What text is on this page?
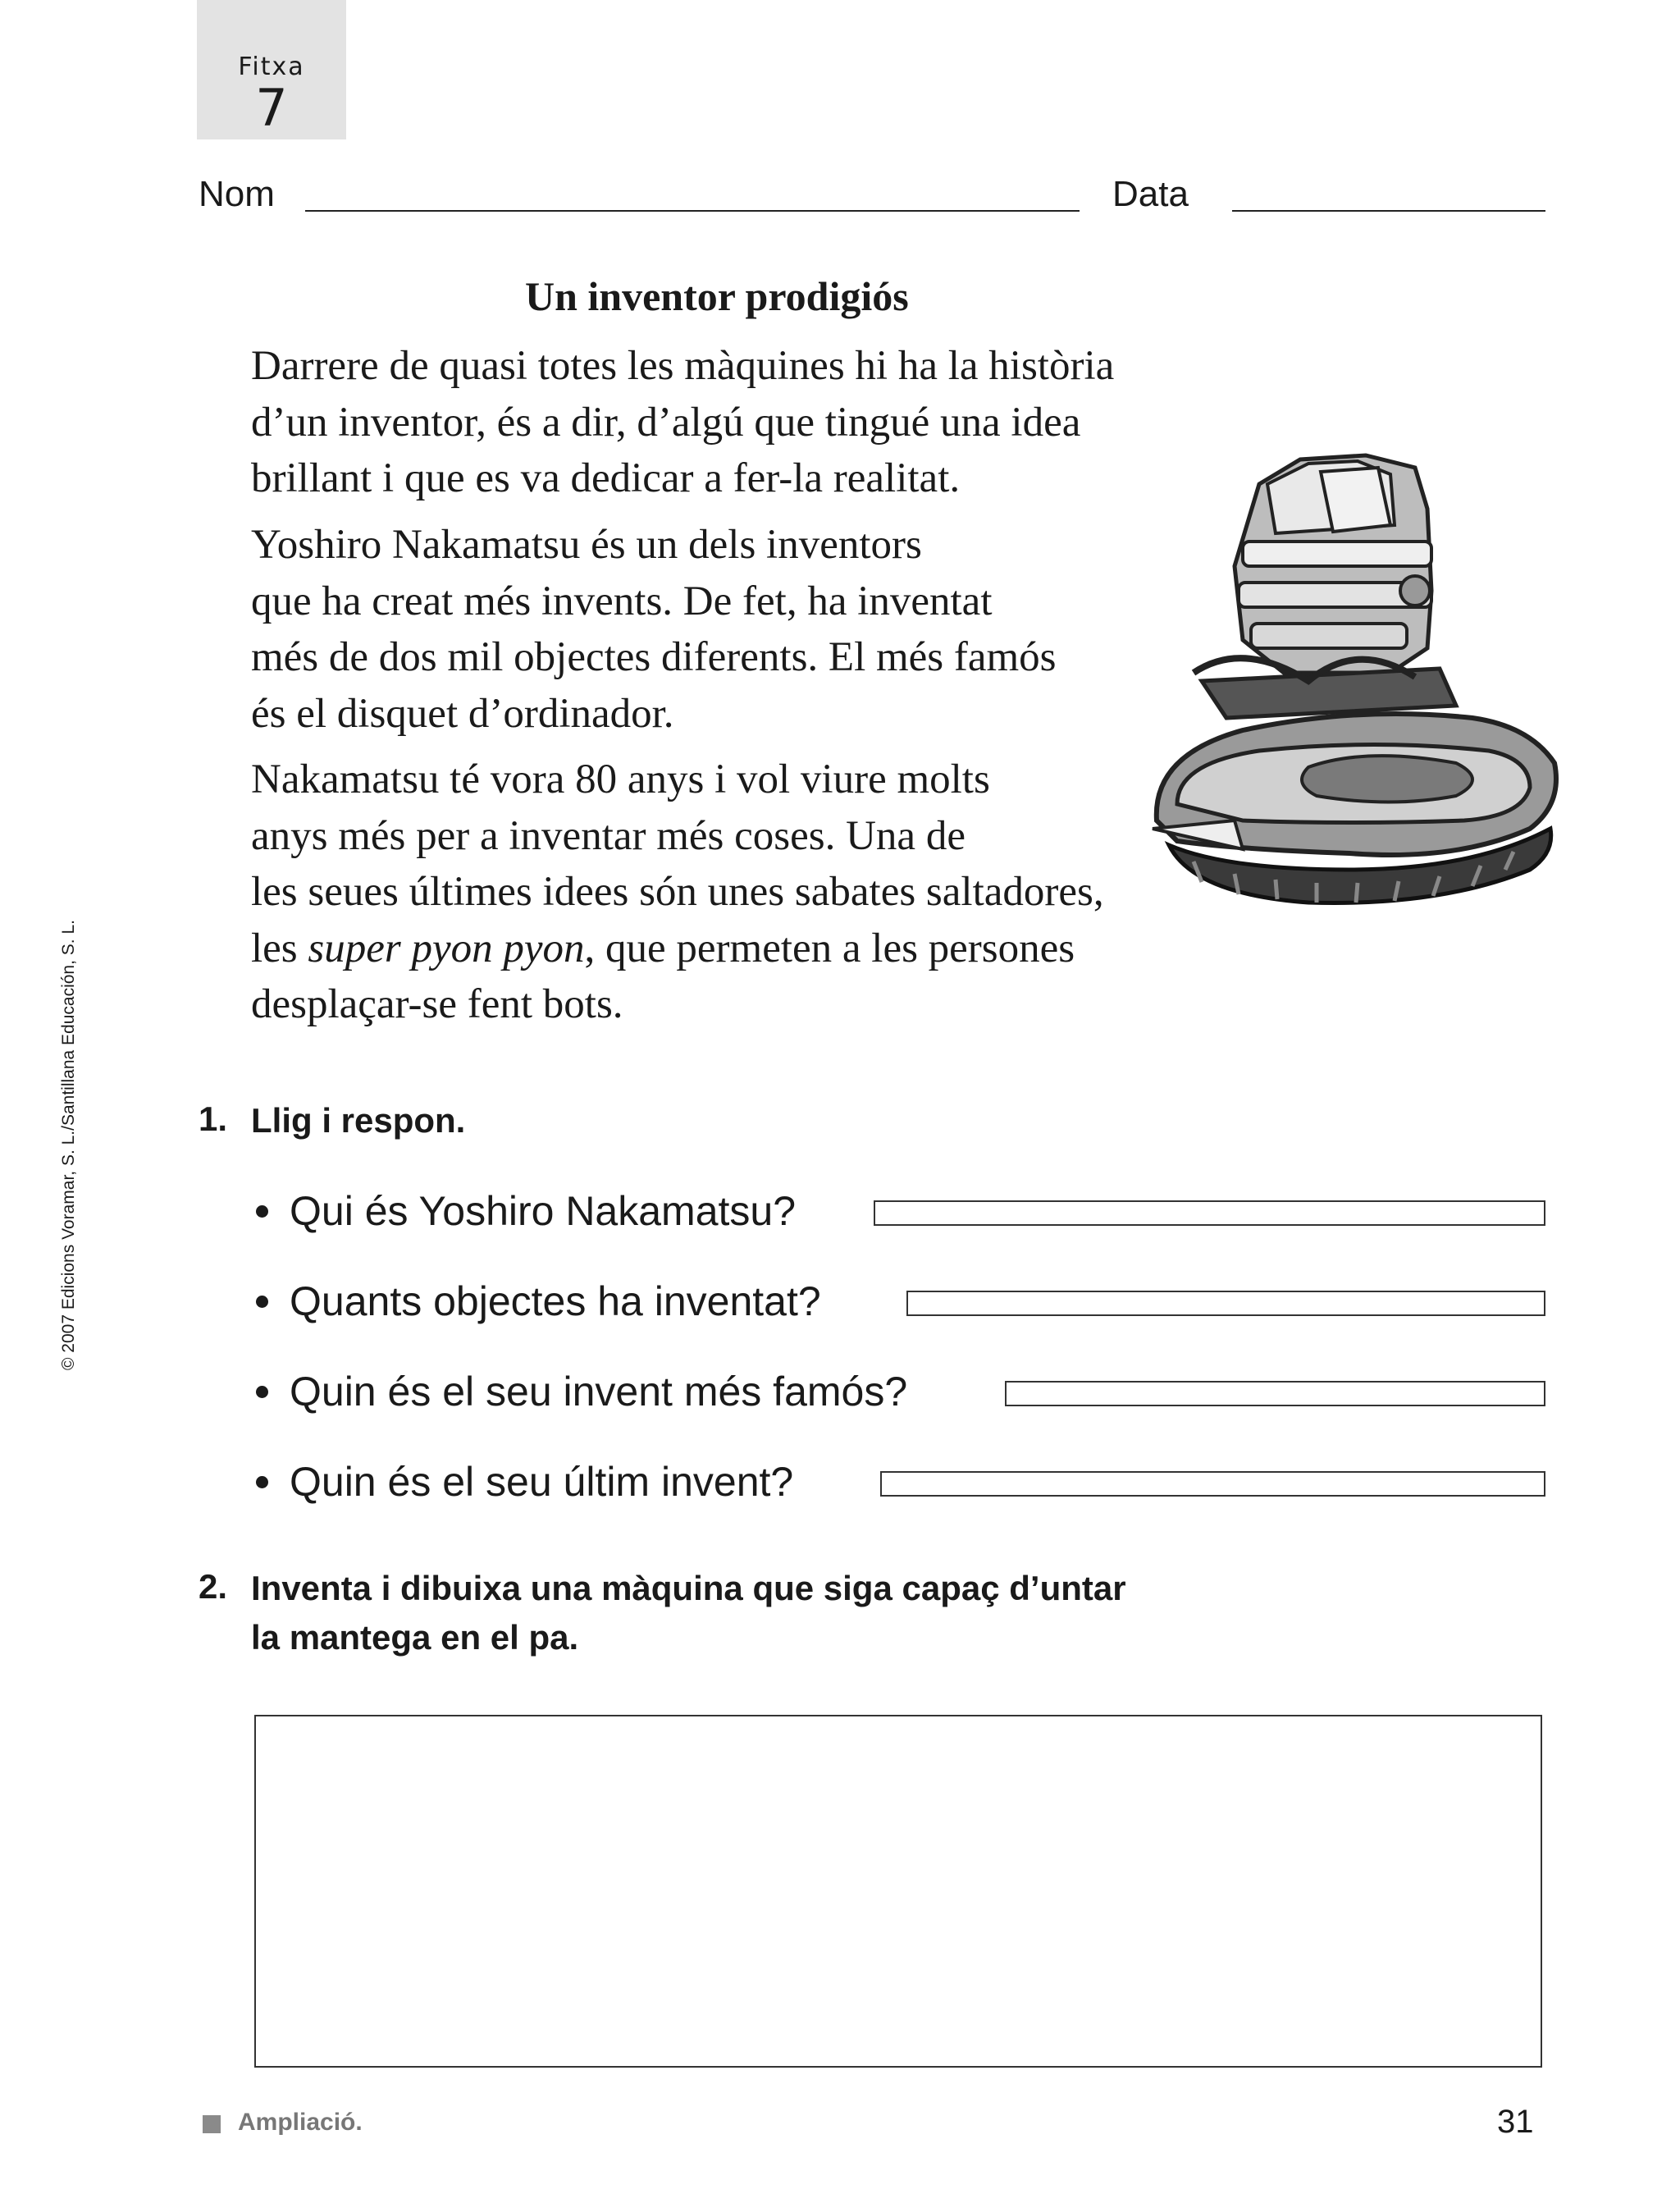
Fitxa
7
Nom	Data
Un inventor prodigiós
Darrere de quasi totes les màquines hi ha la història
d’un inventor, és a dir, d’algú que tingué una idea
brillant i que es va dedicar a fer-la realitat.
Yoshiro Nakamatsu és un dels inventors
que ha creat més invents. De fet, ha inventat
més de dos mil objectes diferents. El més famós
és el disquet d’ordinador.
Nakamatsu té vora 80 anys i vol viure molts
anys més per a inventar més coses. Una de
les seues últimes idees són unes sabates saltadores,
les super pyon pyon, que permeten a les persones
desplaçar-se fent bots.
© 2007 Edicions Voramar, S. L./Santillana Educación, S. L.	1. Llig i respon.
Qui és Yoshiro Nakamatsu?
Quants objectes ha inventat?
Quin és el seu invent més famós?
Quin és el seu últim invent?
2. Inventa i dibuixa una màquina que siga capaç d’untar
la mantega en el pa.
Ampliació.	31
